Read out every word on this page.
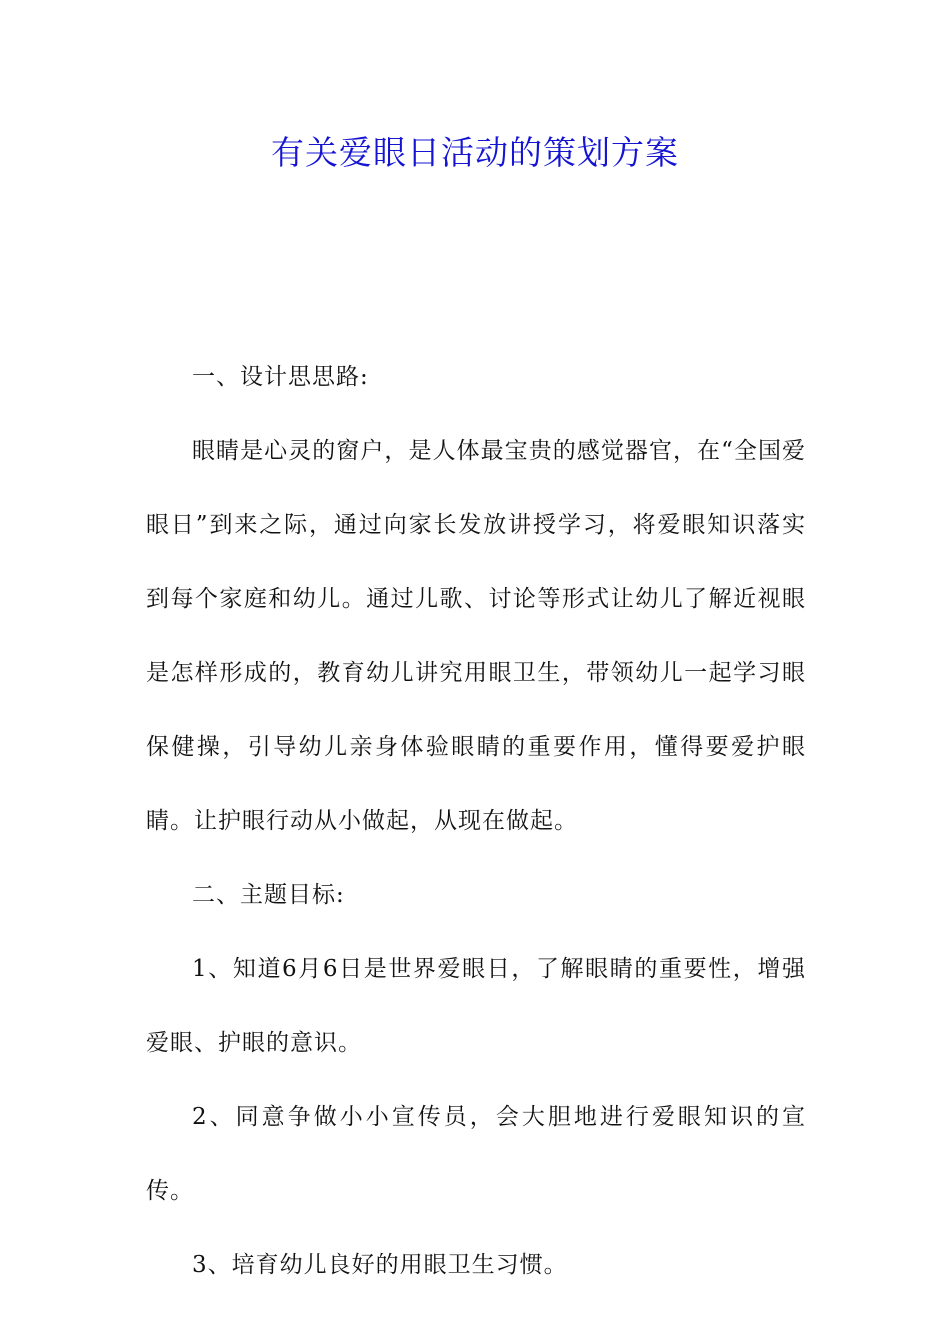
有关爱眼日活动的策划方案

一、设计思思路:

眼睛是心灵的窗户，是人体最宝贵的感觉器官，在“全国爱眼日”到来之际，通过向家长发放讲授学习，将爱眼知识落实到每个家庭和幼儿。通过儿歌、讨论等形式让幼儿了解近视眼是怎样形成的，教育幼儿讲究用眼卫生，带领幼儿一起学习眼保健操，引导幼儿亲身体验眼睛的重要作用，懂得要爱护眼睛。让护眼行动从小做起，从现在做起。

二、主题目标:

1、知道6月6日是世界爱眼日，了解眼睛的重要性，增强爱眼、护眼的意识。

2、同意争做小小宣传员，会大胆地进行爱眼知识的宣传。

3、培育幼儿良好的用眼卫生习惯。
